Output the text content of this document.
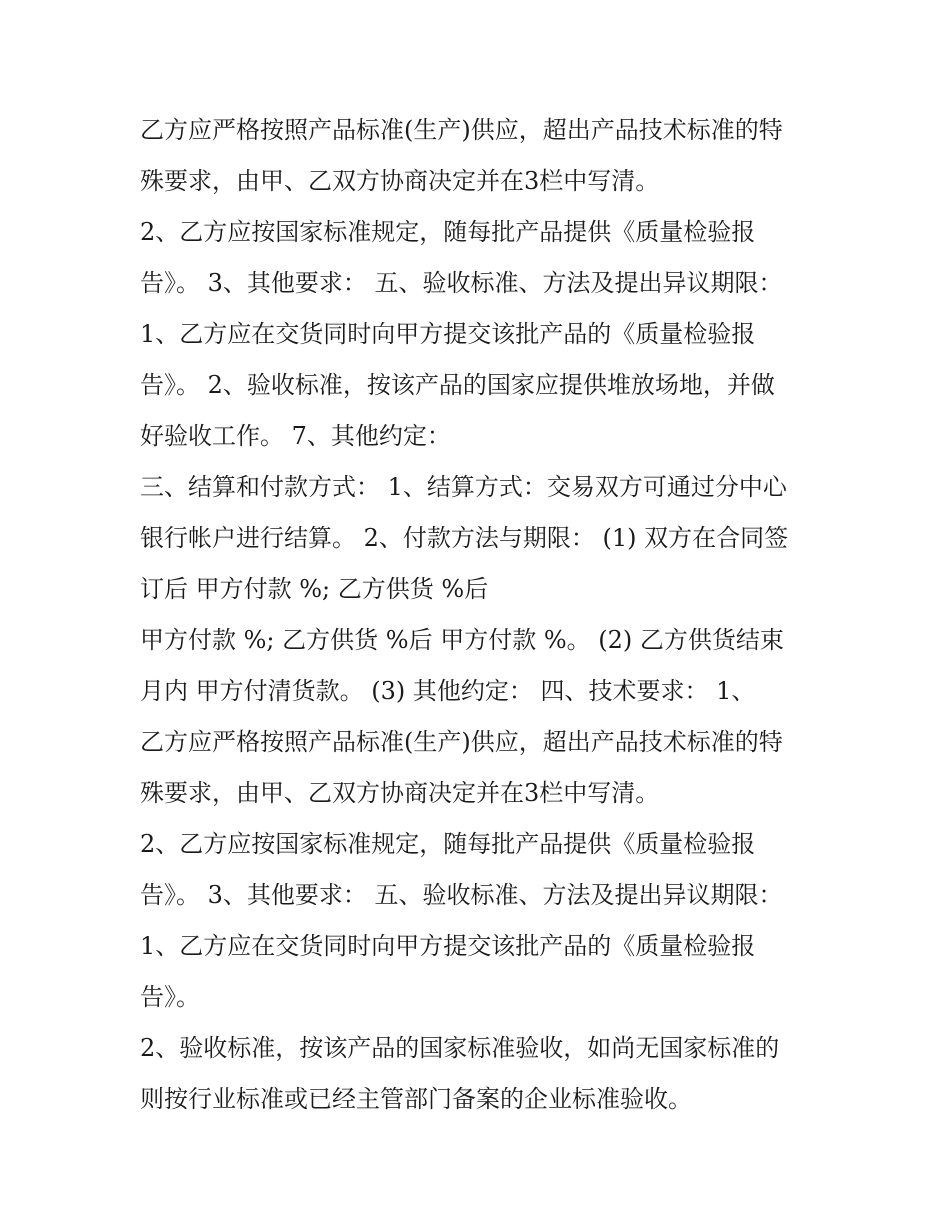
乙方应严格按照产品标准(生产)供应，超出产品技术标准的特
殊要求，由甲、乙双方协商决定并在3栏中写清。
2、乙方应按国家标准规定，随每批产品提供《质量检验报
告》。 3、其他要求： 五、验收标准、方法及提出异议期限：
1、乙方应在交货同时向甲方提交该批产品的《质量检验报
告》。 2、验收标准，按该产品的国家应提供堆放场地，并做
好验收工作。 7、其他约定：
三、结算和付款方式： 1、结算方式：交易双方可通过分中心
银行帐户进行结算。 2、付款方法与期限： (1) 双方在合同签
订后 甲方付款 %; 乙方供货 %后
甲方付款 %; 乙方供货 %后 甲方付款 %。 (2) 乙方供货结束
月内 甲方付清货款。 (3) 其他约定： 四、技术要求： 1、
乙方应严格按照产品标准(生产)供应，超出产品技术标准的特
殊要求，由甲、乙双方协商决定并在3栏中写清。
2、乙方应按国家标准规定，随每批产品提供《质量检验报
告》。 3、其他要求： 五、验收标准、方法及提出异议期限：
1、乙方应在交货同时向甲方提交该批产品的《质量检验报
告》。
2、验收标准，按该产品的国家标准验收，如尚无国家标准的
则按行业标准或已经主管部门备案的企业标准验收。
